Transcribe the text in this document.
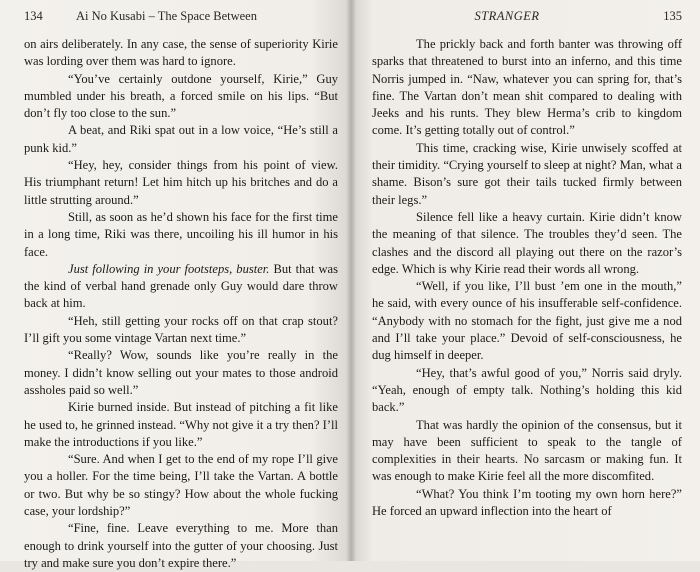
134	Ai No Kusabi – The Space Between

on airs deliberately. In any case, the sense of superiority Kirie was lording over them was hard to ignore.

“You’ve certainly outdone yourself, Kirie,” Guy mumbled under his breath, a forced smile on his lips. “But don’t fly too close to the sun.”

A beat, and Riki spat out in a low voice, “He’s still a punk kid.”

“Hey, hey, consider things from his point of view. His triumphant return! Let him hitch up his britches and do a little strutting around.”

Still, as soon as he’d shown his face for the first time in a long time, Riki was there, uncoiling his ill humor in his face.

Just following in your footsteps, buster. But that was the kind of verbal hand grenade only Guy would dare throw back at him.

“Heh, still getting your rocks off on that crap stout? I’ll gift you some vintage Vartan next time.”

“Really? Wow, sounds like you’re really in the money. I didn’t know selling out your mates to those android assholes paid so well.”

Kirie burned inside. But instead of pitching a fit like he used to, he grinned instead. “Why not give it a try then? I’ll make the introductions if you like.”

“Sure. And when I get to the end of my rope I’ll give you a holler. For the time being, I’ll take the Vartan. A bottle or two. But why be so stingy? How about the whole fucking case, your lordship?”

“Fine, fine. Leave everything to me. More than enough to drink yourself into the gutter of your choosing. Just try and make sure you don’t expire there.”

STRANGER	135

The prickly back and forth banter was throwing off sparks that threatened to burst into an inferno, and this time Norris jumped in. “Naw, whatever you can spring for, that’s fine. The Vartan don’t mean shit compared to dealing with Jeeks and his runts. They blew Herma’s crib to kingdom come. It’s getting totally out of control.”

This time, cracking wise, Kirie unwisely scoffed at their timidity. “Crying yourself to sleep at night? Man, what a shame. Bison’s sure got their tails tucked firmly between their legs.”

Silence fell like a heavy curtain. Kirie didn’t know the meaning of that silence. The troubles they’d seen. The clashes and the discord all playing out there on the razor’s edge. Which is why Kirie read their words all wrong.

“Well, if you like, I’ll bust ’em one in the mouth,” he said, with every ounce of his insufferable self-confidence. “Anybody with no stomach for the fight, just give me a nod and I’ll take your place.” Devoid of self-consciousness, he dug himself in deeper.

“Hey, that’s awful good of you,” Norris said dryly. “Yeah, enough of empty talk. Nothing’s holding this kid back.”

That was hardly the opinion of the consensus, but it may have been sufficient to speak to the tangle of complexities in their hearts. No sarcasm or making fun. It was enough to make Kirie feel all the more discomfited.

“What? You think I’m tooting my own horn here?” He forced an upward inflection into the heart of
